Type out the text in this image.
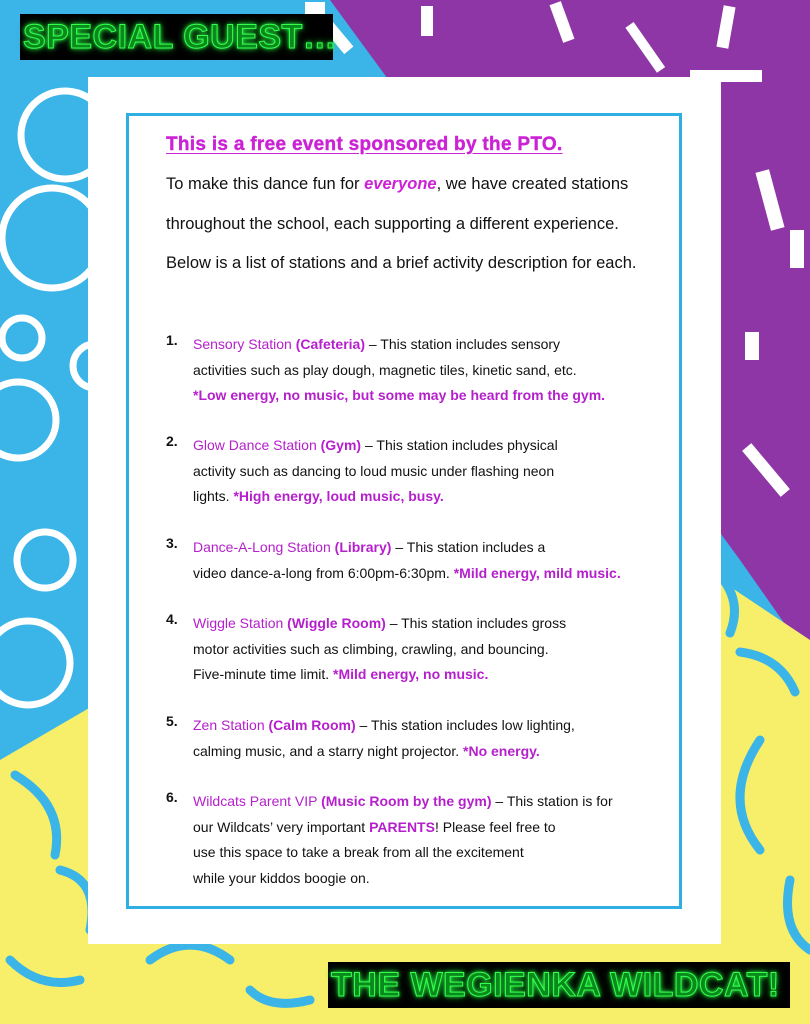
SPECIAL GUEST…
This is a free event sponsored by the PTO.

To make this dance fun for everyone, we have created stations

throughout the school, each supporting a different experience.

Below is a list of stations and a brief activity description for each.

1. Sensory Station (Cafeteria) – This station includes sensory
activities such as play dough, magnetic tiles, kinetic sand, etc.
*Low energy, no music, but some may be heard from the gym.
2. Glow Dance Station (Gym) – This station includes physical
activity such as dancing to loud music under flashing neon
lights. *High energy, loud music, busy.
3. Dance-A-Long Station (Library) – This station includes a
video dance-a-long from 6:00pm-6:30pm. *Mild energy, mild music.
4. Wiggle Station (Wiggle Room) – This station includes gross
motor activities such as climbing, crawling, and bouncing.
Five-minute time limit. *Mild energy, no music.
5. Zen Station (Calm Room) – This station includes low lighting,
calming music, and a starry night projector. *No energy.
6. Wildcats Parent VIP (Music Room by the gym) – This station is for
our Wildcats’ very important PARENTS! Please feel free to
use this space to take a break from all the excitement
while your kiddos boogie on.
THE WEGIENKA WILDCAT!
